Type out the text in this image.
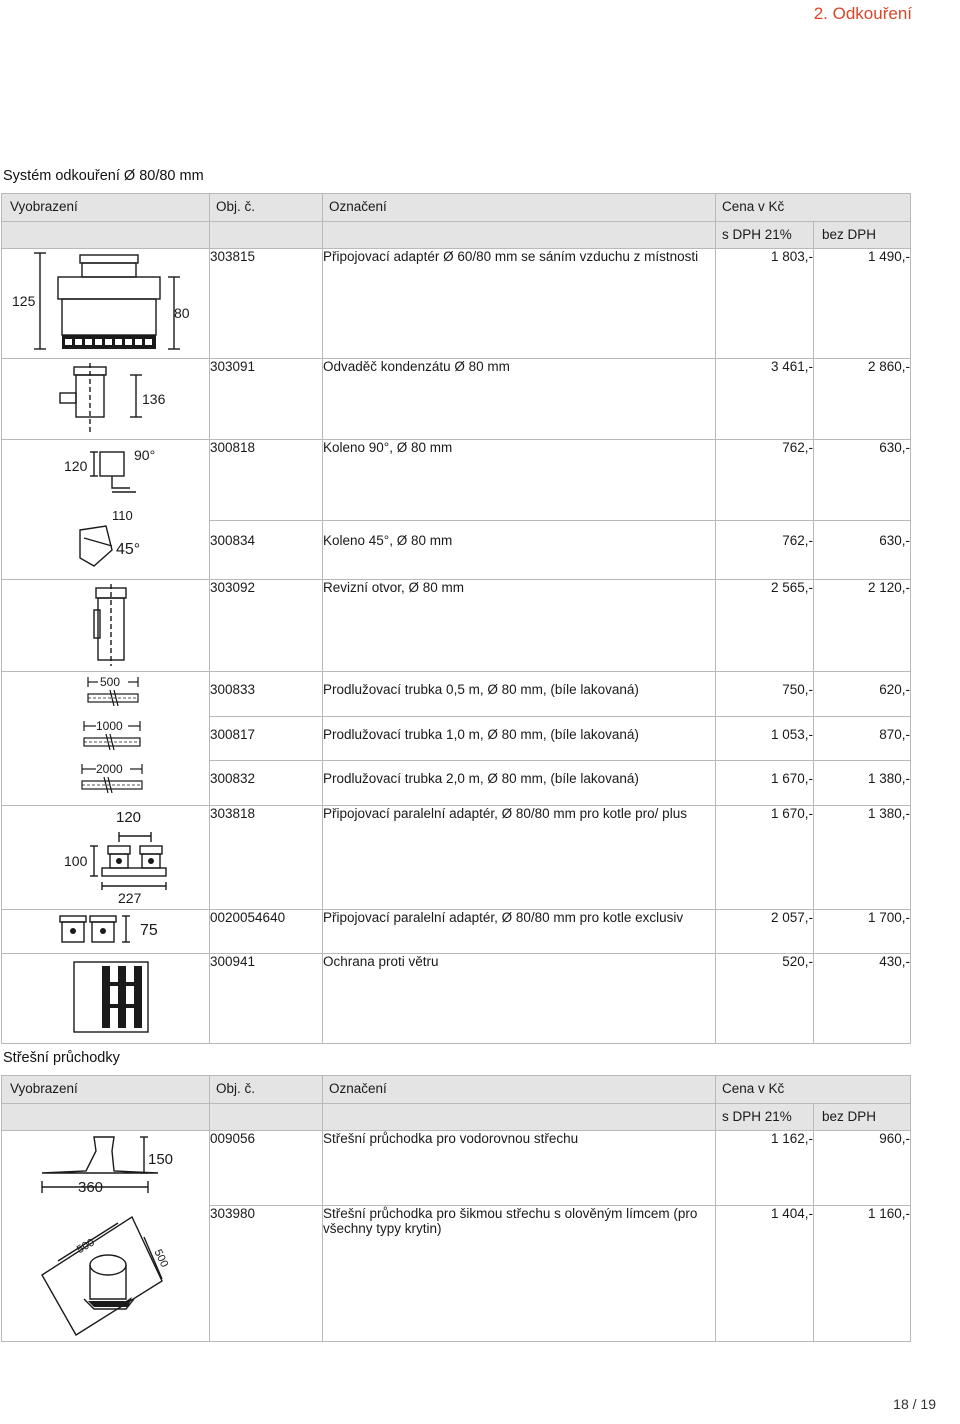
2. Odkouření
Systém odkouření Ø 80/80 mm
Vyobrazení	Obj. č.	Označení	Cena v Kč	
			s DPH 21%	bez DPH

125
80	303815	Připojovací adaptér Ø 60/80 mm se sáním vzduchu z místnosti	1 803,-	1 490,-

136	303091	Odvaděč kondenzátu Ø 80 mm	3 461,-	2 860,-

120
90°
110
45°	300818	Koleno 90°, Ø 80 mm	762,-	630,-
	300834	Koleno 45°, Ø 80 mm	762,-	630,-
	303092	Revizní otvor, Ø 80 mm	2 565,-	2 120,-

500
1000
2000	300833	Prodlužovací trubka 0,5 m, Ø 80 mm, (bíle lakovaná)	750,-	620,-
	300817	Prodlužovací trubka 1,0 m, Ø 80 mm, (bíle lakovaná)	1 053,-	870,-
	300832	Prodlužovací trubka 2,0 m, Ø 80 mm, (bíle lakovaná)	1 670,-	1 380,-

120
100
227	303818	Připojovací paralelní adaptér, Ø 80/80 mm pro kotle pro/ plus	1 670,-	1 380,-

75	0020054640	Připojovací paralelní adaptér, Ø 80/80 mm pro kotle exclusiv	2 057,-	1 700,-
	300941	Ochrana proti větru	520,-	430,-
Střešní průchodky
Vyobrazení	Obj. č.	Označení	Cena v Kč	
			s DPH 21%	bez DPH

150
360
500
500	009056	Střešní průchodka pro vodorovnou střechu	1 162,-	960,-
	303980	Střešní průchodka pro šikmou střechu s olověným límcem (pro všechny typy krytin)	1 404,-	1 160,-
18 / 19
